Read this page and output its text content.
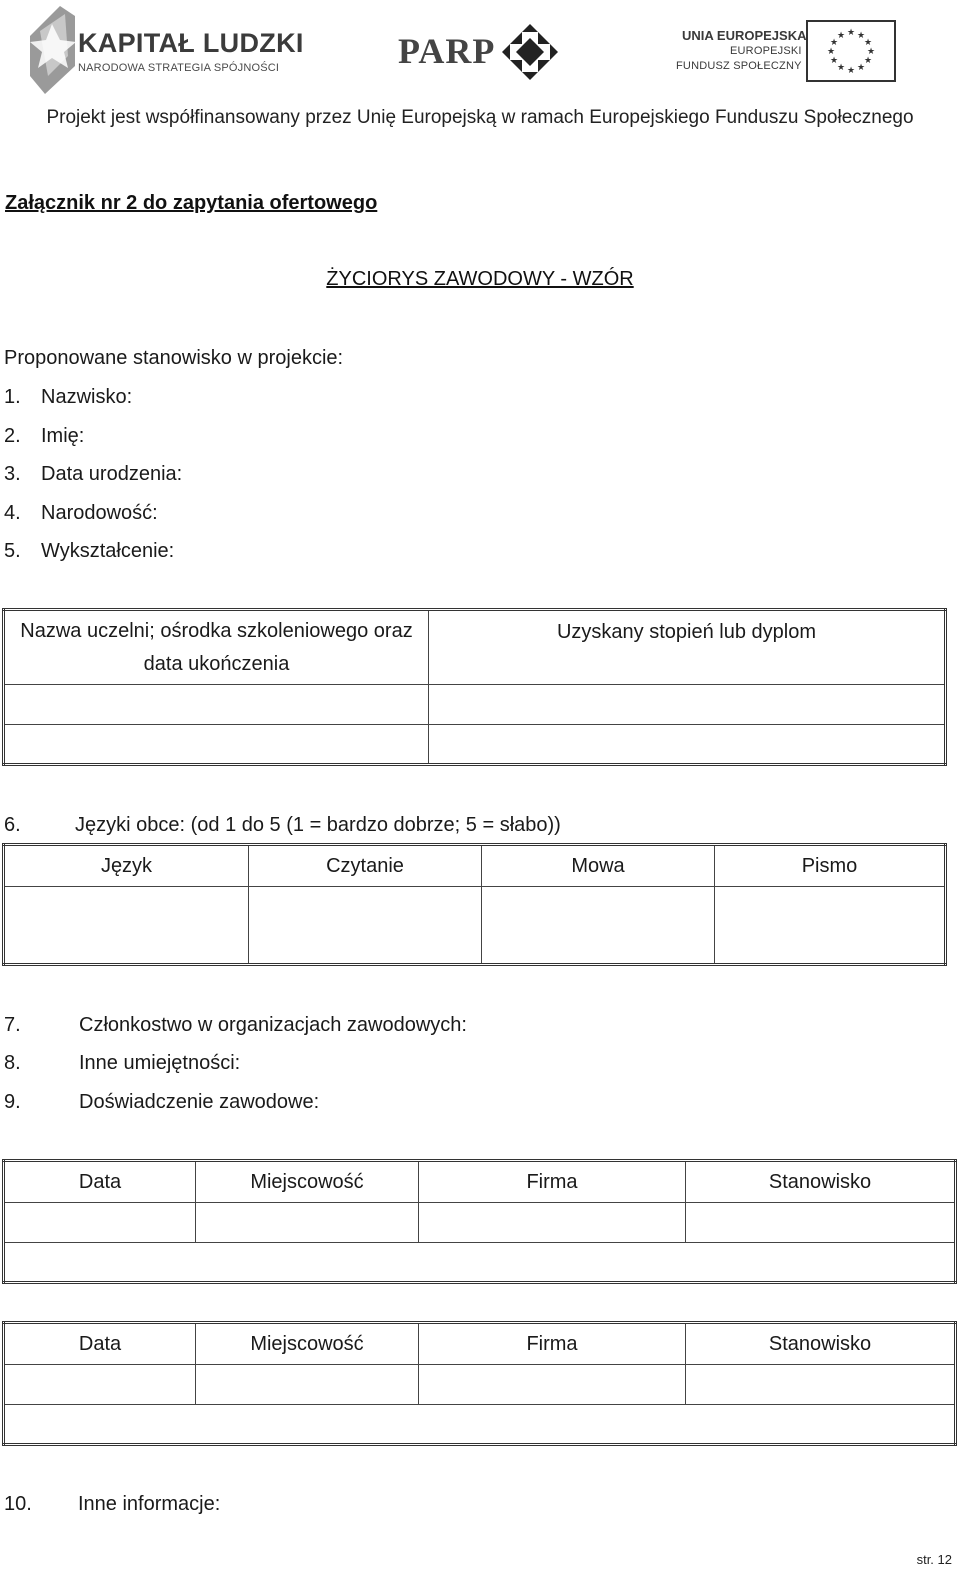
KAPITAŁ LUDZKI
NARODOWA STRATEGIA SPÓJNOŚCI	PARP	UNIA EUROPEJSKA
EUROPEJSKI
FUNDUSZ SPOŁECZNY
★ ★
★
★
★
★
★
★
★
★
★
★
Projekt jest współfinansowany przez Unię Europejską w ramach Europejskiego Funduszu Społecznego
Załącznik nr 2 do zapytania ofertowego
ŻYCIORYS ZAWODOWY - WZÓR
Proponowane stanowisko w projekcie:
1. Nazwisko:
2. Imię:
3. Data urodzenia:
4. Narodowość:
5. Wykształcenie:
Nazwa uczelni; ośrodka szkoleniowego oraz
data ukończenia	Uzyskany stopień lub dyplom

6.	Języki obce: (od 1 do 5 (1 = bardzo dobrze; 5 = słabo))
Język	Czytanie	Mowa	Pismo

7.	Członkostwo w organizacjach zawodowych:
8.	Inne umiejętności:
9.	Doświadczenie zawodowe:
Data	Miejscowość	Firma	Stanowisko

Data	Miejscowość	Firma	Stanowisko

10. Inne informacje:
str. 12
